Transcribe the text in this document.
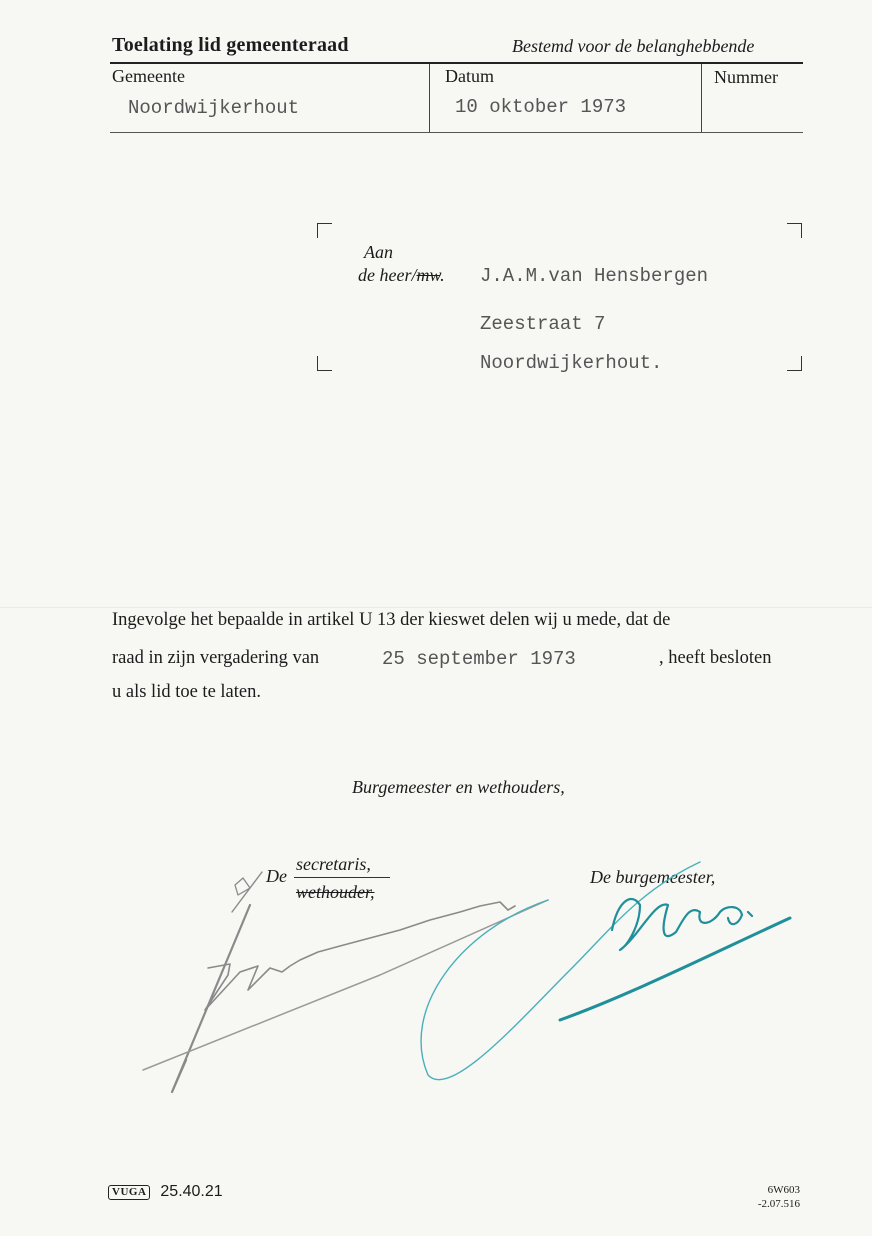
Toelating lid gemeenteraad	Bestemd voor de belanghebbende
Gemeente	Datum	Nummer
Noordwijkerhout	10 oktober 1973
Aan
de heer/mw. J.A.M.van Hensbergen
Zeestraat 7
Noordwijkerhout.
Ingevolge het bepaalde in artikel U 13 der kieswet delen wij u mede, dat de
raad in zijn vergadering van	25 september 1973	, heeft besloten
u als lid toe te laten.
Burgemeester en wethouders,
De
secretaris,
wethouder,
De burgemeester,
VUGA 25.40.21	6W603
-2.07.516
